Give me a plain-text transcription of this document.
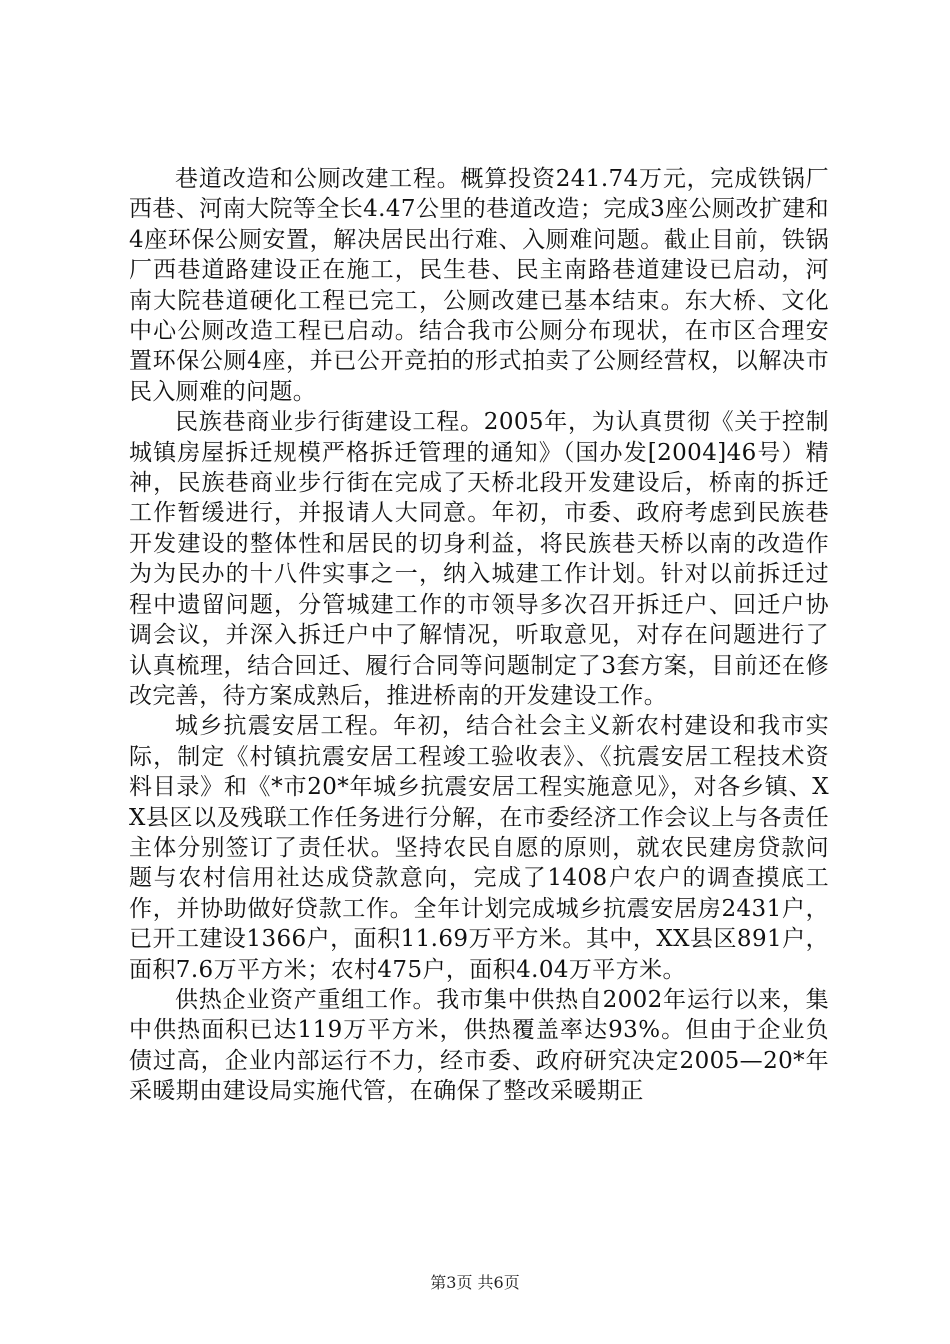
巷道改造和公厕改建工程。概算投资241.74万元，完成铁锅厂西巷、河南大院等全长4.47公里的巷道改造；完成3座公厕改扩建和4座环保公厕安置，解决居民出行难、入厕难问题。截止目前，铁锅厂西巷道路建设正在施工，民生巷、民主南路巷道建设已启动，河南大院巷道硬化工程已完工，公厕改建已基本结束。东大桥、文化中心公厕改造工程已启动。结合我市公厕分布现状，在市区合理安置环保公厕4座，并已公开竞拍的形式拍卖了公厕经营权，以解决市民入厕难的问题。

民族巷商业步行街建设工程。2005年，为认真贯彻《关于控制城镇房屋拆迁规模严格拆迁管理的通知》（国办发[2004]46号）精神，民族巷商业步行街在完成了天桥北段开发建设后，桥南的拆迁工作暂缓进行，并报请人大同意。年初，市委、政府考虑到民族巷开发建设的整体性和居民的切身利益，将民族巷天桥以南的改造作为为民办的十八件实事之一，纳入城建工作计划。针对以前拆迁过程中遗留问题，分管城建工作的市领导多次召开拆迁户、回迁户协调会议，并深入拆迁户中了解情况，听取意见，对存在问题进行了认真梳理，结合回迁、履行合同等问题制定了3套方案，目前还在修改完善，待方案成熟后，推进桥南的开发建设工作。

城乡抗震安居工程。年初，结合社会主义新农村建设和我市实际，制定《村镇抗震安居工程竣工验收表》、《抗震安居工程技术资料目录》和《*市20*年城乡抗震安居工程实施意见》，对各乡镇、XX县区以及残联工作任务进行分解，在市委经济工作会议上与各责任主体分别签订了责任状。坚持农民自愿的原则，就农民建房贷款问题与农村信用社达成贷款意向，完成了1408户农户的调查摸底工作，并协助做好贷款工作。全年计划完成城乡抗震安居房2431户，已开工建设1366户，面积11.69万平方米。其中，XX县区891户，面积7.6万平方米；农村475户，面积4.04万平方米。

供热企业资产重组工作。我市集中供热自2002年运行以来，集中供热面积已达119万平方米，供热覆盖率达93%。但由于企业负债过高，企业内部运行不力，经市委、政府研究决定2005—20*年采暖期由建设局实施代管，在确保了整改采暖期正

第3页 共6页
